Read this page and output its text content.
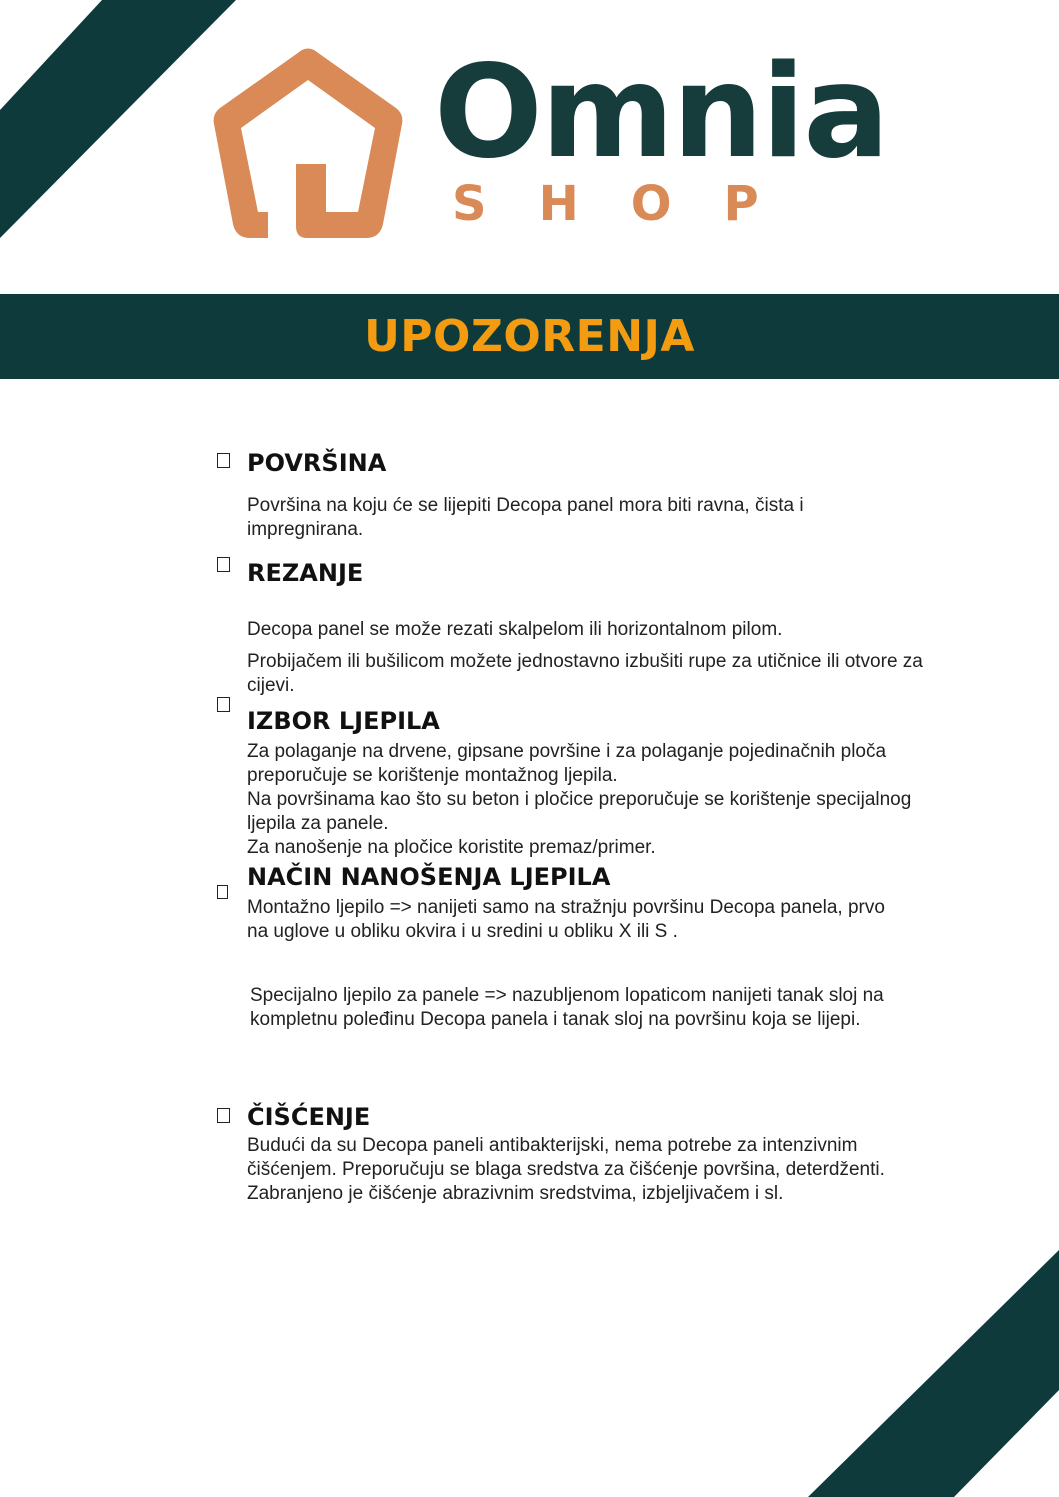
Omnia

SHOP

UPOZORENJA
POVRŠINA

Površina na koju će se lijepiti Decopa panel mora biti ravna, čista i impregnirana.

REZANJE

Decopa panel se može rezati skalpelom ili horizontalnom pilom.

Probijačem ili bušilicom možete jednostavno izbušiti rupe za utičnice ili otvore za cijevi.

IZBOR LJEPILA

Za polaganje na drvene, gipsane površine i za polaganje pojedinačnih ploča preporučuje se korištenje montažnog ljepila.

Na površinama kao što su beton i pločice preporučuje se korištenje specijalnog ljepila za panele.

Za nanošenje na pločice koristite premaz/primer.

NAČIN NANOŠENJA LJEPILA

Montažno ljepilo => nanijeti samo na stražnju površinu Decopa panela, prvo na uglove u obliku okvira i u sredini u obliku X ili S .

Specijalno ljepilo za panele => nazubljenom lopaticom nanijeti tanak sloj na kompletnu poleđinu Decopa panela i tanak sloj na površinu koja se lijepi.

ČIŠĆENJE

Budući da su Decopa paneli antibakterijski, nema potrebe za intenzivnim čišćenjem. Preporučuju se blaga sredstva za čišćenje površina, deterdženti. Zabranjeno je čišćenje abrazivnim sredstvima, izbjeljivačem i sl.
